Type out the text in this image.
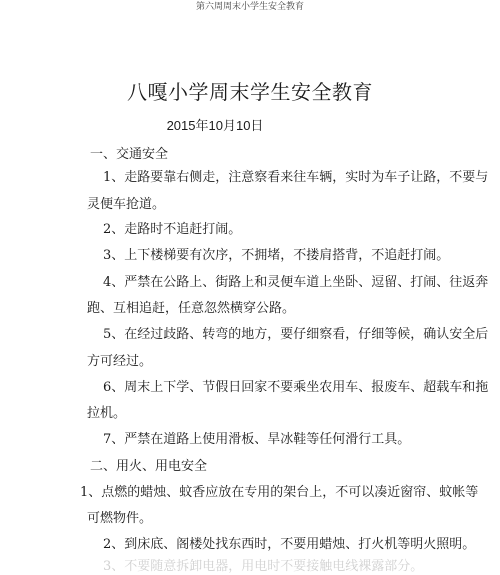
第六周周末小学生安全教育
八嘎小学周末学生安全教育
2015年10月10日
一、交通安全
1、走路要靠右侧走，注意察看来往车辆，实时为车子让路，不要与
灵便车抢道。
2、走路时不追赶打闹。
3、上下楼梯要有次序，不拥堵，不搂肩搭背，不追赶打闹。
4、严禁在公路上、街路上和灵便车道上坐卧、逗留、打闹、往返奔
跑、互相追赶，任意忽然横穿公路。
5、在经过歧路、转弯的地方，要仔细察看，仔细等候，确认安全后
方可经过。
6、周末上下学、节假日回家不要乘坐农用车、报废车、超载车和拖
拉机。
7、严禁在道路上使用滑板、旱冰鞋等任何滑行工具。
二、用火、用电安全
1、点燃的蜡烛、蚊香应放在专用的架台上，不可以凑近窗帘、蚊帐等
可燃物件。
2、到床底、阁楼处找东西时，不要用蜡烛、打火机等明火照明。
3、不要随意拆卸电器，用电时不要接触电线裸露部分。
